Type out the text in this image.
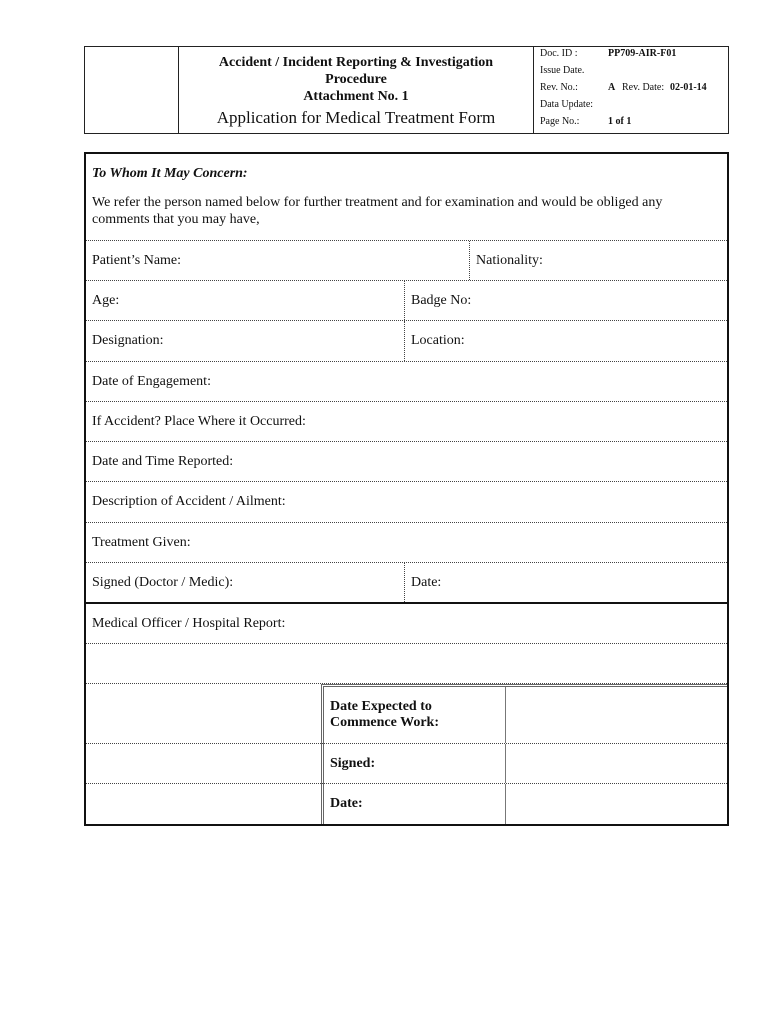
Accident / Incident Reporting & Investigation
Procedure
Attachment No. 1
Application for Medical Treatment Form
Doc. ID :	PP709-AIR-F01
Issue Date.
Rev. No.:	A Rev. Date: 02-01-14
Data Update:
Page No.:	1 of 1
To Whom It May Concern:
We refer the person named below for further treatment and for examination and would be obliged any comments that you may have,
Patient’s Name:	Nationality:
Age:	Badge No:
Designation:	Location:
Date of Engagement:
If Accident? Place Where it Occurred:
Date and Time Reported:
Description of Accident / Ailment:
Treatment Given:
Signed (Doctor / Medic):	Date:
Medical Officer / Hospital Report:
Date Expected to Commence Work:
Signed:
Date:
